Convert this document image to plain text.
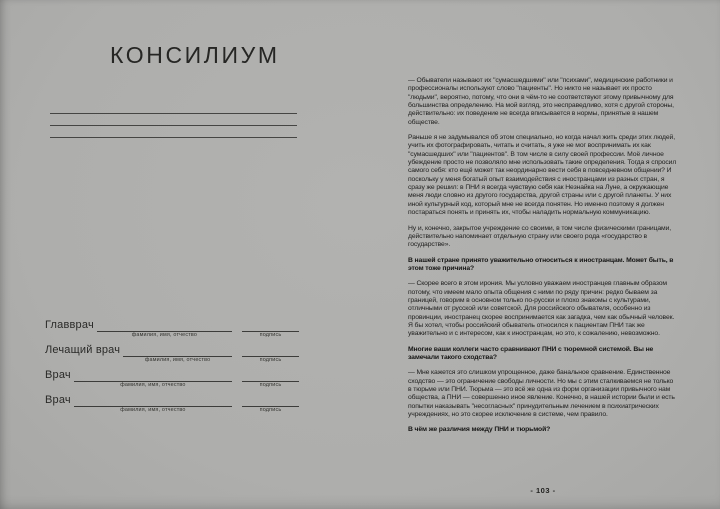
КОНСИЛИУМ
Главврач
фамилия, имя, отчество	подпись
Лечащий врач
фамилия, имя, отчество	подпись
Врач
фамилия, имя, отчество	подпись
Врач
фамилия, имя, отчество	подпись

— Обыватели называют их "сумасшедшими" или "психами", медицинские работники и профессионалы используют слово "пациенты". Но никто не называет их просто "людьми", вероятно, потому, что они в чём-то не соответствуют этому привычному для большинства определению. На мой взгляд, это несправедливо, хотя с другой стороны, действительно: их поведение не всегда вписывается в нормы, принятые в нашем обществе.

Раньше я не задумывался об этом специально, но когда начал жить среди этих людей, учить их фотографировать, читать и считать, я уже не мог воспринимать их как "сумасшедших" или "пациентов". В том числе в силу своей профессии. Моё личное убеждение просто не позволяло мне использовать такие определения. Тогда я спросил самого себя: кто ещё может так неординарно вести себя в повседневном общении? И поскольку у меня богатый опыт взаимодействия с иностранцами из разных стран, я сразу же решил: в ПНИ я всегда чувствую себя как Незнайка на Луне, а окружающие меня люди словно из другого государства, другой страны или с другой планеты. У них иной культурный код, который мне не всегда понятен. Но именно поэтому я должен постараться понять и принять их, чтобы наладить нормальную коммуникацию.

Ну и, конечно, закрытое учреждение со своими, в том числе физическими границами, действительно напоминает отдельную страну или своего рода «государство в государстве».

В нашей стране принято уважительно относиться к иностранцам. Может быть, в этом тоже причина?

— Скорее всего в этом ирония. Мы условно уважаем иностранцев главным образом потому, что имеем мало опыта общения с ними по ряду причин: редко бываем за границей, говорим в основном только по-русски и плохо знакомы с культурами, отличными от русской или советской. Для российского обывателя, особенно из провинции, иностранец скорее воспринимается как загадка, чем как обычный человек. Я бы хотел, чтобы российский обыватель относился к пациентам ПНИ так же уважительно и с интересом, как к иностранцам, но это, к сожалению, невозможно.

Многие ваши коллеги часто сравнивают ПНИ с тюремной системой. Вы не замечали такого сходства?

— Мне кажется это слишком упрощенное, даже банальное сравнение. Единственное сходство — это ограничение свободы личности. Но мы с этим сталкиваемся не только в тюрьме или ПНИ. Тюрьма — это всё же одна из форм организации привычного нам общества, а ПНИ — совершенно иное явление. Конечно, в нашей истории были и есть попытки наказывать "несогласных" принудительным лечением в психиатрических учреждениях, но это скорее исключение в системе, чем правило.

В чём же различия между ПНИ и тюрьмой?

- 103 -
